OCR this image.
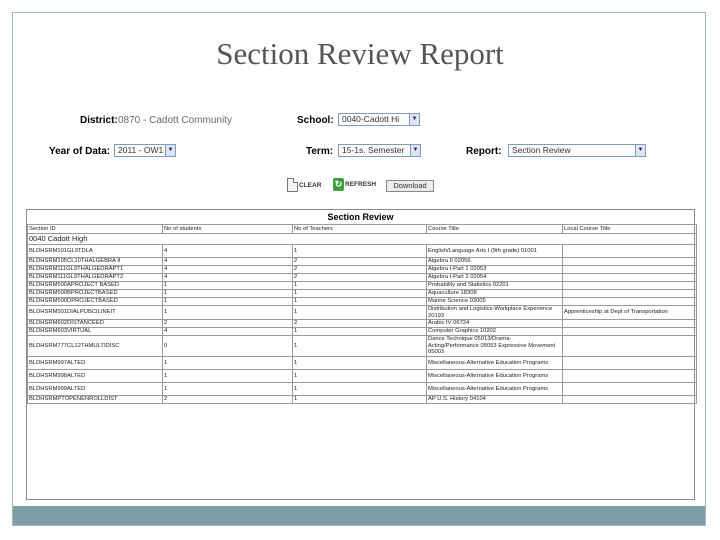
Section Review Report
District: 0870 - Cadott Community	School: 0040-Cadott Hi	▼
Year of Data: 2011 - OW1 ▼	Term:	15-1s. Semester	▼	Report:	Section Review	▼
CLEAR ↻ REFRESH	Download
Section Review
Section ID	No of students	No of Teachers	Course Title	Local Course Title
0040 Cadott High				
BLDHSRM101GL9TDLA	4	1	English/Language Arts I (9th grade) 01001	
BLDHSRM105CL10THALGEBRA II	4	2	Algebra II 02056	
BLDHSRM111GL9THALGEDRAPT1	4	2	Algebra I-Part 1 02053	
BLDHSRM111GL9THALGEDRAPT2	4	2	Algebra I-Part 2 02054	
BLDHSRM500APROJECT BASED	1	1	Probability and Statistics 02201	
BLDHSRM500BPROJECTBASED	1	1	Aquaculture 18308	
BLDHSRM500DPROJECTBASED	1	1	Marine Science 03005	
BLDHSRM501DIALPUBCILINEIT	1	1	Distribution and Logistics-Workplace Experience 20193	Apprenticeship at Dept of Transportation
BLDHSRM602DISTANCEED	2	2	Arabic IV 06724	
BLDHSRM603VIRTUAL	4	1	Computer Graphics 10202	
BLDHSRM777CL12THMULTIDISC	0	1	Dance Technique 05013/Drama-Acting/Performance 05053 Expressive Movement 05003	
BLDHSRM997ALTED	1	1	Miscellaneous-Alternative Education Programs	
BLDHSRM998ALTED	1	1	Miscellaneous-Alternative Education Programs	
BLDHSRM999ALTED	1	1	Miscellaneous-Alternative Education Programs	
BLDHSRMPTOPENENROLLDIST	2	1	AP U.S. History 04104	
